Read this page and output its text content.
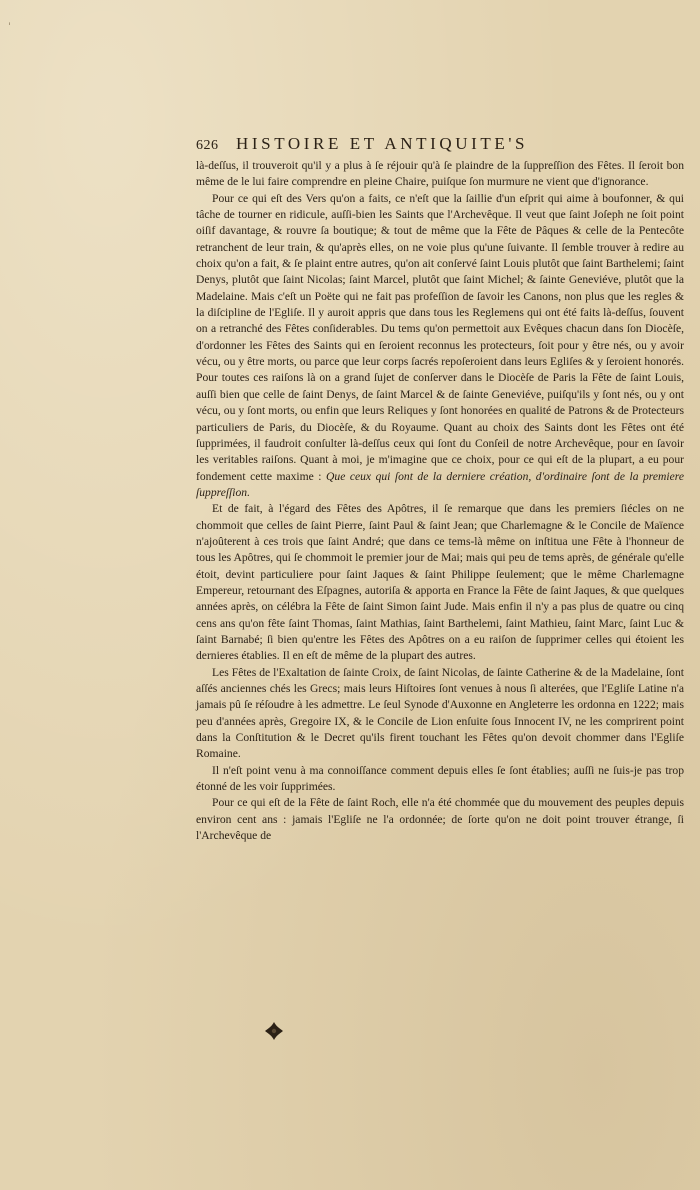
626 HISTOIRE ET ANTIQUITE'S

là-deſſus, il trouveroit qu'il y a plus à ſe réjouir qu'à ſe plaindre de la ſuppreſſion des Fêtes. Il ſeroit bon même de le lui faire comprendre en pleine Chaire, puiſque ſon murmure ne vient que d'ignorance.

Pour ce qui eſt des Vers qu'on a faits, ce n'eſt que la ſaillie d'un eſprit qui aime à boufonner, & qui tâche de tourner en ridicule, auſſi-bien les Saints que l'Archevêque. Il veut que ſaint Joſeph ne ſoit point oiſif davantage, & rouvre ſa boutique; & tout de même que la Fête de Pâques & celle de la Pentecôte retranchent de leur train, & qu'après elles, on ne voie plus qu'une ſuivante. Il ſemble trouver à redire au choix qu'on a fait, & ſe plaint entre autres, qu'on ait conſervé ſaint Louis plutôt que ſaint Barthelemi; ſaint Denys, plutôt que ſaint Nicolas; ſaint Marcel, plutôt que ſaint Michel; & ſainte Geneviéve, plutôt que la Madelaine. Mais c'eſt un Poëte qui ne fait pas profeſſion de ſavoir les Canons, non plus que les regles & la diſcipline de l'Egliſe. Il y auroit appris que dans tous les Reglemens qui ont été faits là-deſſus, ſouvent on a retranché des Fêtes conſiderables. Du tems qu'on permettoit aux Evêques chacun dans ſon Diocèſe, d'ordonner les Fêtes des Saints qui en ſeroient reconnus les protecteurs, ſoit pour y être nés, ou y avoir vécu, ou y être morts, ou parce que leur corps ſacrés repoſeroient dans leurs Egliſes & y ſeroient honorés. Pour toutes ces raiſons là on a grand ſujet de conſerver dans le Diocèſe de Paris la Fête de ſaint Louis, auſſi bien que celle de ſaint Denys, de ſaint Marcel & de ſainte Geneviéve, puiſqu'ils y ſont nés, ou y ont vécu, ou y ſont morts, ou enfin que leurs Reliques y ſont honorées en qualité de Patrons & de Protecteurs particuliers de Paris, du Diocèſe, & du Royaume. Quant au choix des Saints dont les Fêtes ont été ſupprimées, il faudroit conſulter là-deſſus ceux qui ſont du Conſeil de notre Archevêque, pour en ſavoir les veritables raiſons. Quant à moi, je m'imagine que ce choix, pour ce qui eſt de la plupart, a eu pour fondement cette maxime : Que ceux qui ſont de la derniere création, d'ordinaire ſont de la premiere ſuppreſſion.

Et de fait, à l'égard des Fêtes des Apôtres, il ſe remarque que dans les premiers ſiécles on ne chommoit que celles de ſaint Pierre, ſaint Paul & ſaint Jean; que Charlemagne & le Concile de Maïence n'ajoûterent à ces trois que ſaint André; que dans ce tems-là même on inſtitua une Fête à l'honneur de tous les Apôtres, qui ſe chommoit le premier jour de Mai; mais qui peu de tems après, de générale qu'elle étoit, devint particuliere pour ſaint Jaques & ſaint Philippe ſeulement; que le même Charlemagne Empereur, retournant des Eſpagnes, autoriſa & apporta en France la Fête de ſaint Jaques, & que quelques années après, on célébra la Fête de ſaint Simon ſaint Jude. Mais enfin il n'y a pas plus de quatre ou cinq cens ans qu'on fête ſaint Thomas, ſaint Mathias, ſaint Barthelemi, ſaint Mathieu, ſaint Marc, ſaint Luc & ſaint Barnabé; ſi bien qu'entre les Fêtes des Apôtres on a eu raiſon de ſupprimer celles qui étoient les dernieres établies. Il en eſt de même de la plupart des autres.

Les Fêtes de l'Exaltation de ſainte Croix, de ſaint Nicolas, de ſainte Catherine & de la Madelaine, ſont aſſés anciennes chés les Grecs; mais leurs Hiſtoires ſont venues à nous ſi alterées, que l'Egliſe Latine n'a jamais pû ſe réſoudre à les admettre. Le ſeul Synode d'Auxonne en Angleterre les ordonna en 1222; mais peu d'années après, Gregoire IX, & le Concile de Lion enſuite ſous Innocent IV, ne les comprirent point dans la Conſtitution & le Decret qu'ils firent touchant les Fêtes qu'on devoit chommer dans l'Egliſe Romaine.

Il n'eſt point venu à ma connoiſſance comment depuis elles ſe ſont établies; auſſi ne ſuis-je pas trop étonné de les voir ſupprimées.

Pour ce qui eſt de la Fête de ſaint Roch, elle n'a été chommée que du mouvement des peuples depuis environ cent ans : jamais l'Egliſe ne l'a ordonnée; de ſorte qu'on ne doit point trouver étrange, ſi l'Archevêque de

ˈ
